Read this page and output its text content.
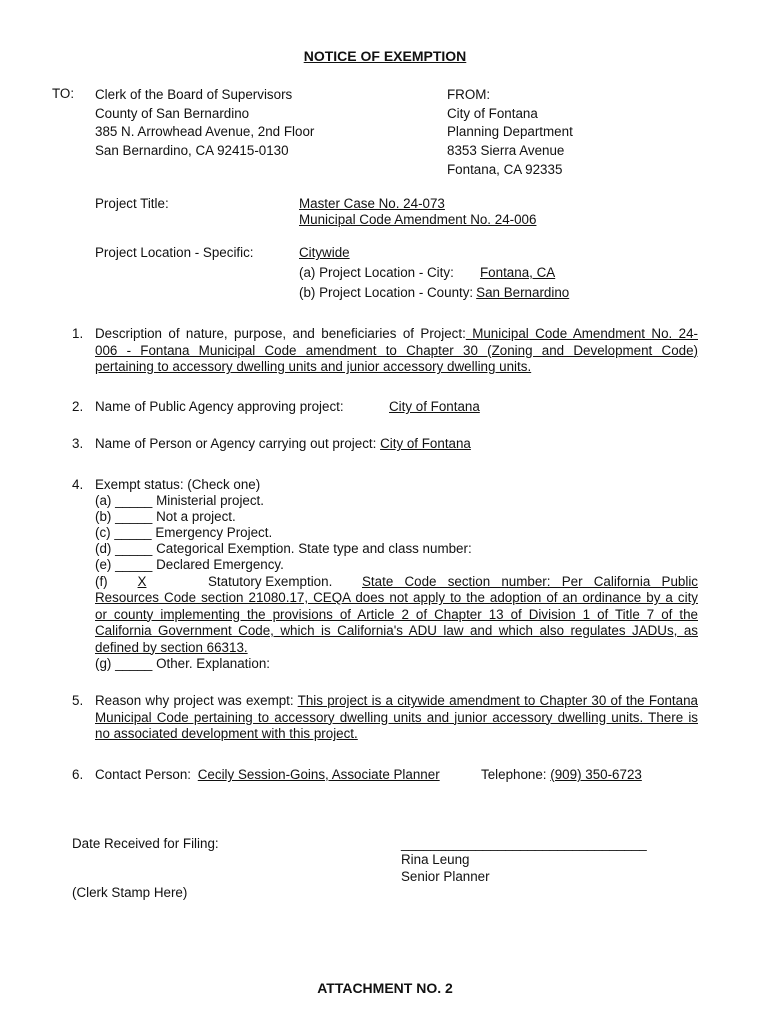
NOTICE OF EXEMPTION
TO: Clerk of the Board of Supervisors
County of San Bernardino
385 N. Arrowhead Avenue, 2nd Floor
San Bernardino, CA 92415-0130
FROM:
City of Fontana
Planning Department
8353 Sierra Avenue
Fontana, CA 92335
Project Title:	Master Case No. 24-073
Municipal Code Amendment No. 24-006
Project Location - Specific:	Citywide
(a) Project Location - City: Fontana, CA
(b) Project Location - County: San Bernardino
1. Description of nature, purpose, and beneficiaries of Project: Municipal Code Amendment No. 24-
006 - Fontana Municipal Code amendment to Chapter 30 (Zoning and Development Code)
pertaining to accessory dwelling units and junior accessory dwelling units.
2. Name of Public Agency approving project:	City of Fontana
3. Name of Person or Agency carrying out project: City of Fontana
4. Exempt status: (Check one)
(a) _____ Ministerial project.
(b) _____ Not a project.
(c) _____ Emergency Project.
(d) _____ Categorical Exemption. State type and class number:
(e) _____ Declared Emergency.
(f)	X	Statutory Exemption. State Code section number: Per California Public
Resources Code section 21080.17, CEQA does not apply to the adoption of an ordinance by a city
or county implementing the provisions of Article 2 of Chapter 13 of Division 1 of Title 7 of the
California Government Code, which is California's ADU law and which also regulates JADUs, as
defined by section 66313.
(g) _____ Other. Explanation:
5. Reason why project was exempt: This project is a citywide amendment to Chapter 30 of the Fontana
Municipal Code pertaining to accessory dwelling units and junior accessory dwelling units. There is
no associated development with this project.
6. Contact Person: Cecily Session-Goins, Associate Planner	Telephone: (909) 350-6723
Date Received for Filing:	_________________________________
Rina Leung
Senior Planner
(Clerk Stamp Here)
ATTACHMENT NO. 2
